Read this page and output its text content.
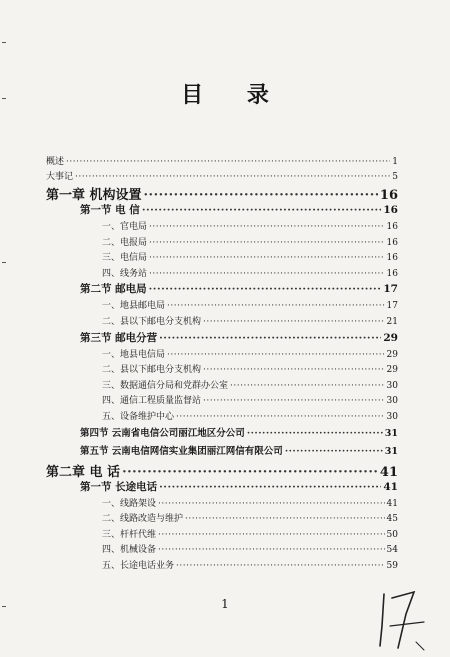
目 录
概述 ·····	1
大事记 ·····	5
第一章 机构设置 ·····	16
第一节 电 信 ·····	16
一、官电局 ·····	16
二、电报局 ·····	16
三、电信局 ·····	16
四、线务站 ·····	16
第二节 邮电局 ·····	17
一、地县邮电局 ·····	17
二、县以下邮电分支机构 ·····	21
第三节 邮电分营 ·····	29
一、地县电信局 ·····	29
二、县以下邮电分支机构 ·····	29
三、数据通信分局和党群办公室 ·····	30
四、通信工程质量监督站 ·····	30
五、设备维护中心 ·····	30
第四节 云南省电信公司丽江地区分公司 ·····	31
第五节 云南电信网信实业集团丽江网信有限公司 ·····	31
第二章 电 话 ·····	41
第一节 长途电话 ·····	41
一、线路架设 ·····	41
二、线路改造与维护 ·····	45
三、杆杆代维 ·····	50
四、机械设备 ·····	54
五、长途电话业务 ·····	59
1
